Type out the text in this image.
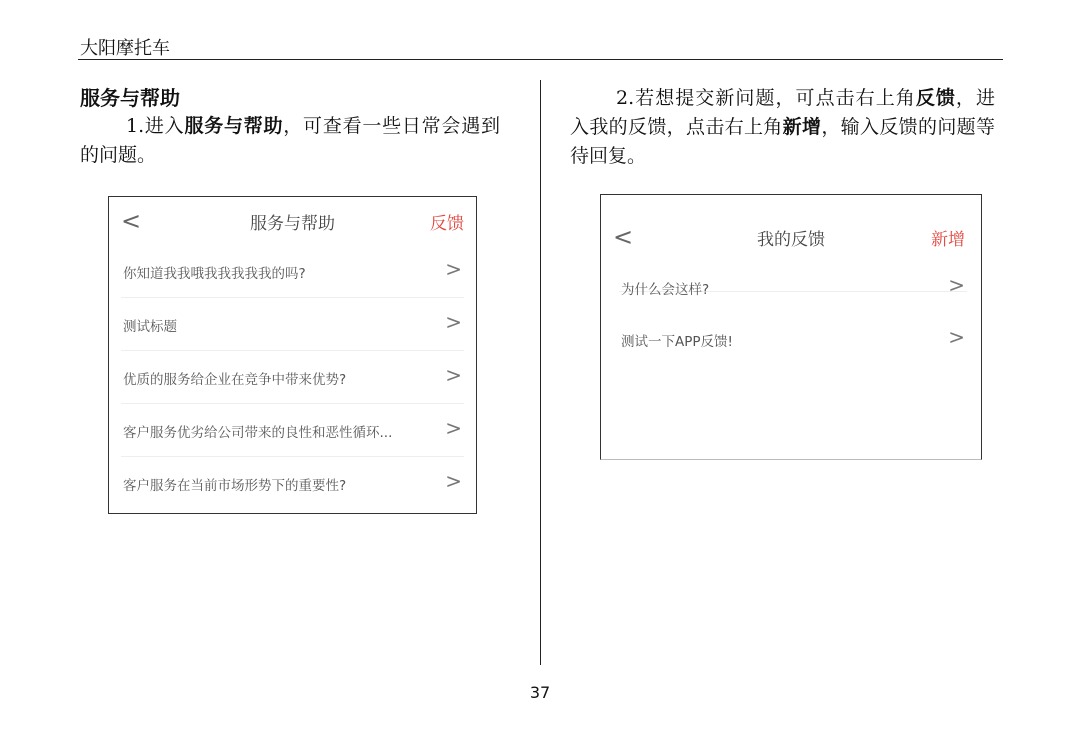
大阳摩托车
服务与帮助
1.进入服务与帮助，可查看一些日常会遇到的问题。
2.若想提交新问题，可点击右上角反馈，进入我的反馈，点击右上角新增，输入反馈的问题等待回复。
<	服务与帮助	反馈
你知道我我哦我我我我我的吗?	>
测试标题	>
优质的服务给企业在竞争中带来优势?	>
客户服务优劣给公司带来的良性和恶性循环...	>
客户服务在当前市场形势下的重要性?	>
<	我的反馈	新增
为什么会这样?	>
测试一下APP反馈!	>
37
